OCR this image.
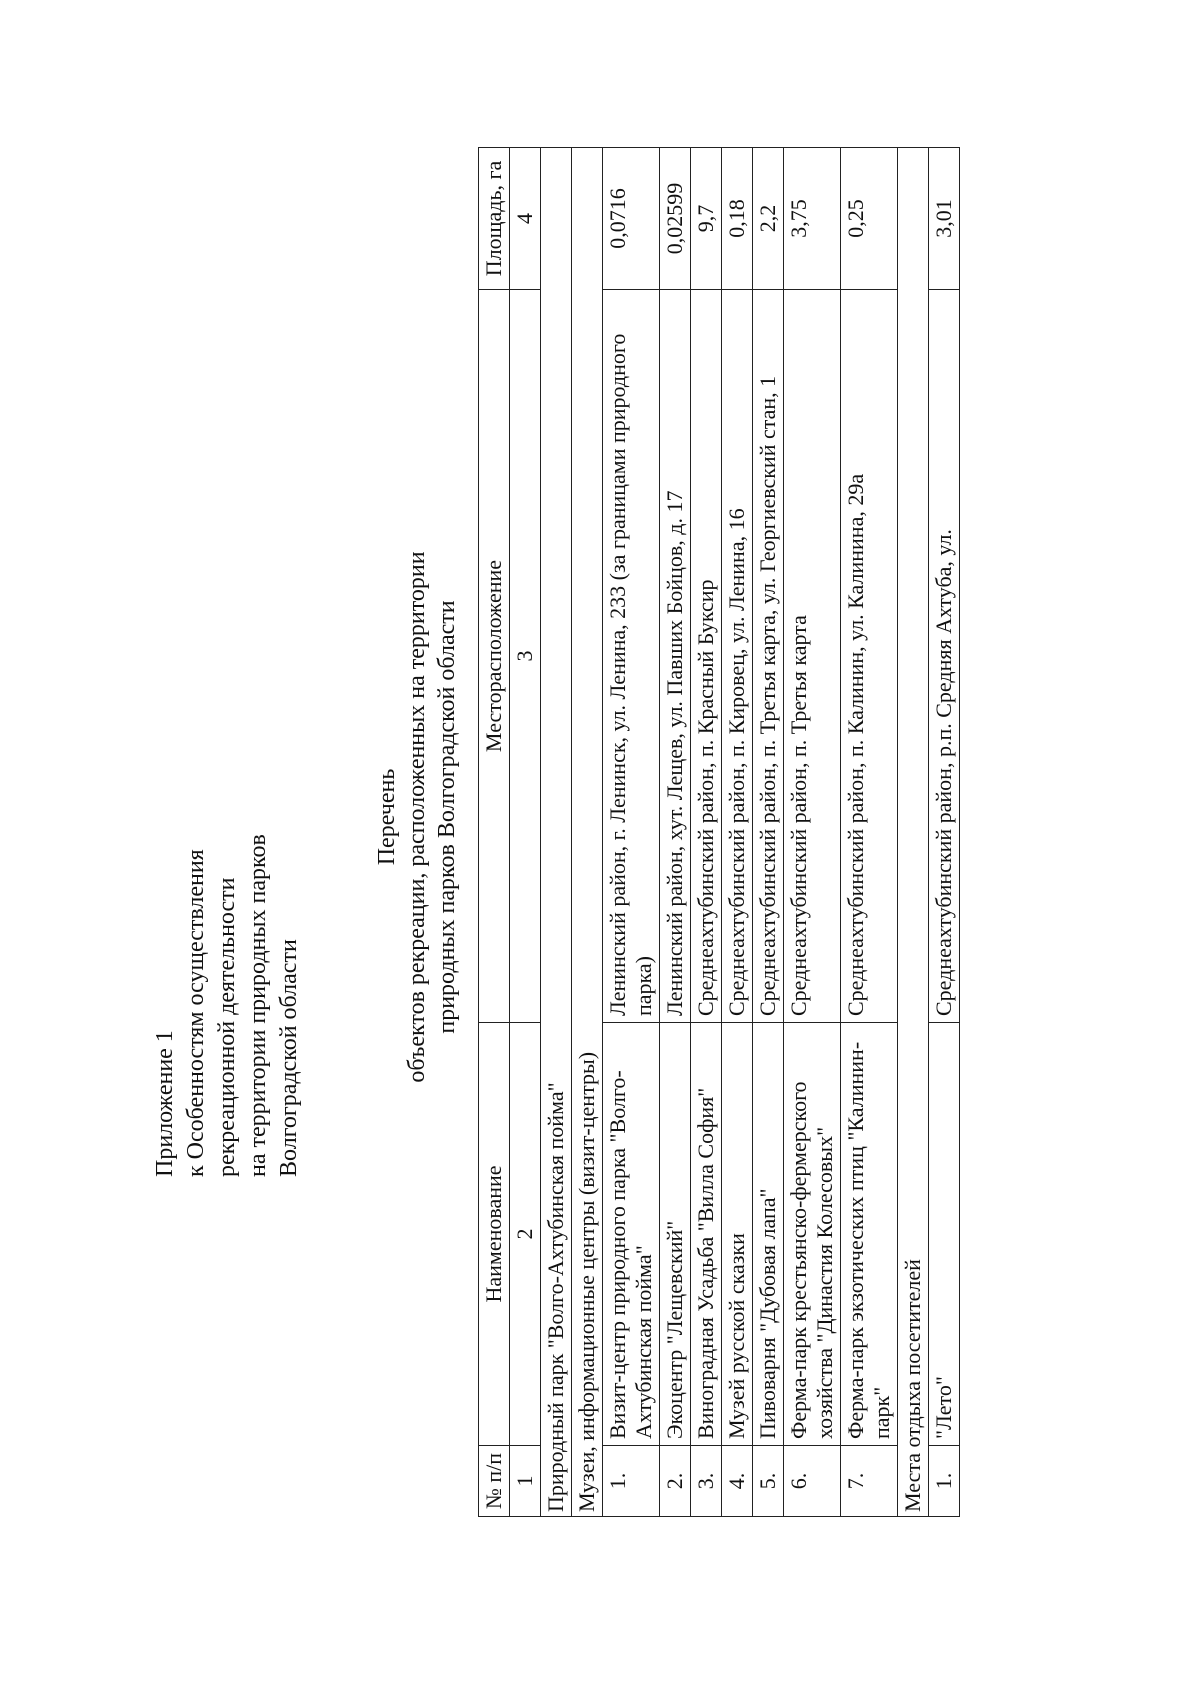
Приложение 1 к Особенностям осуществления рекреационной деятельности на территории природных парков Волгоградской области
Перечень объектов рекреации, расположенных на территории природных парков Волгоградской области
№ п/п	Наименование	Месторасположение	Площадь, га
1	2	3	4
Природный парк "Волго-Ахтубинская пойма"			
Музеи, информационные центры (визит-центры)			
1.	Визит-центр природного парка "Волго-Ахтубинская пойма"	Ленинский район, г. Ленинск, ул. Ленина, 233 (за границами природного парка)	0,0716
2.	Экоцентр "Лещевский"	Ленинский район, хут. Лещев, ул. Павших Бойцов, д. 17	0,02599
3.	Виноградная Усадьба "Вилла София"	Среднеахтубинский район, п. Красный Буксир	9,7
4.	Музей русской сказки	Среднеахтубинский район, п. Кировец, ул. Ленина, 16	0,18
5.	Пивоварня "Дубовая лапа"	Среднеахтубинский район, п. Третья карта, ул. Георгиевский стан, 1	2,2
6.	Ферма-парк крестьянско-фермерского хозяйства "Династия Колесовых"	Среднеахтубинский район, п. Третья карта	3,75
7.	Ферма-парк экзотических птиц "Калинин-парк"	Среднеахтубинский район, п. Калинин, ул. Калинина, 29а	0,25
Места отдыха посетителей			
1.	"Лето"	Среднеахтубинский район, р.п. Средняя Ахтуба, ул.	3,01
